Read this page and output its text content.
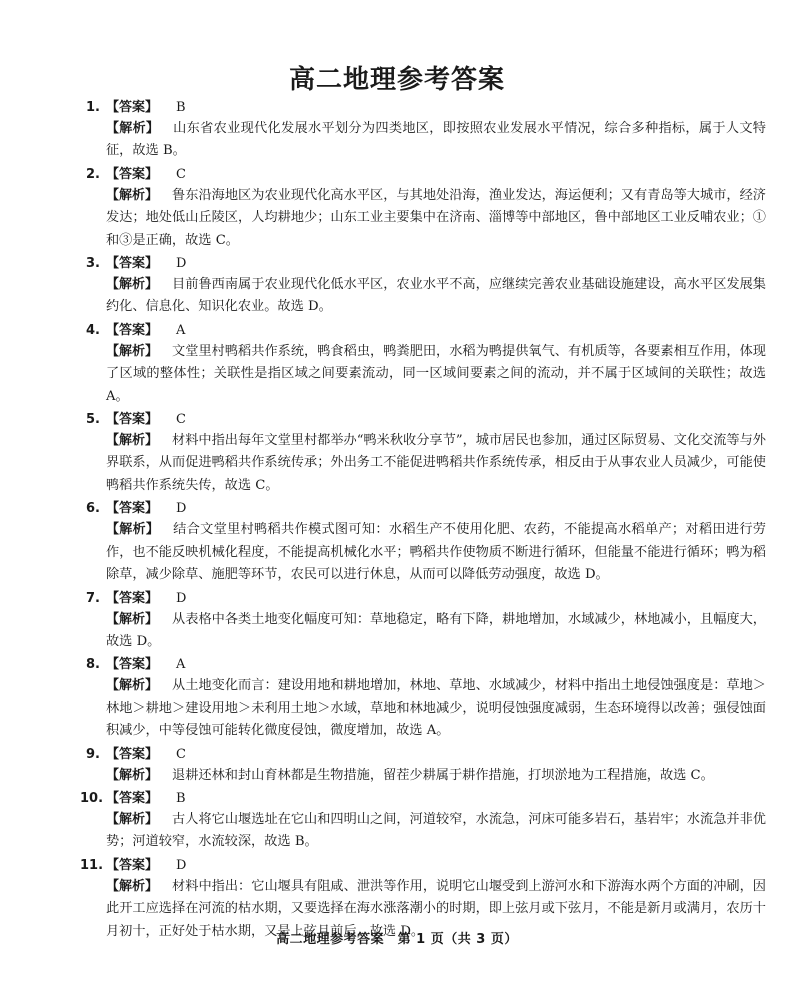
高二地理参考答案
1. 【答案】 B
【解析】 山东省农业现代化发展水平划分为四类地区，即按照农业发展水平情况，综合多种指标，属于人文特征，故选 B。
2. 【答案】 C
【解析】 鲁东沿海地区为农业现代化高水平区，与其地处沿海，渔业发达，海运便利；又有青岛等大城市，经济发达；地处低山丘陵区，人均耕地少；山东工业主要集中在济南、淄博等中部地区，鲁中部地区工业反哺农业；①和③是正确，故选 C。
3. 【答案】 D
【解析】 目前鲁西南属于农业现代化低水平区，农业水平不高，应继续完善农业基础设施建设，高水平区发展集约化、信息化、知识化农业。故选 D。
4. 【答案】 A
【解析】 文堂里村鸭稻共作系统，鸭食稻虫，鸭粪肥田，水稻为鸭提供氧气、有机质等，各要素相互作用，体现了区域的整体性；关联性是指区域之间要素流动，同一区域间要素之间的流动，并不属于区域间的关联性；故选 A。
5. 【答案】 C
【解析】 材料中指出每年文堂里村都举办“鸭米秋收分享节”，城市居民也参加，通过区际贸易、文化交流等与外界联系，从而促进鸭稻共作系统传承；外出务工不能促进鸭稻共作系统传承，相反由于从事农业人员减少，可能使鸭稻共作系统失传，故选 C。
6. 【答案】 D
【解析】 结合文堂里村鸭稻共作模式图可知：水稻生产不使用化肥、农药，不能提高水稻单产；对稻田进行劳作，也不能反映机械化程度，不能提高机械化水平；鸭稻共作使物质不断进行循环，但能量不能进行循环；鸭为稻除草，减少除草、施肥等环节，农民可以进行休息，从而可以降低劳动强度，故选 D。
7. 【答案】 D
【解析】 从表格中各类土地变化幅度可知：草地稳定，略有下降，耕地增加，水域减少，林地减小，且幅度大，故选 D。
8. 【答案】 A
【解析】 从土地变化而言：建设用地和耕地增加，林地、草地、水域减少，材料中指出土地侵蚀强度是：草地＞林地＞耕地＞建设用地＞未利用土地＞水域，草地和林地减少，说明侵蚀强度减弱，生态环境得以改善；强侵蚀面积减少，中等侵蚀可能转化微度侵蚀，微度增加，故选 A。
9. 【答案】 C
【解析】 退耕还林和封山育林都是生物措施，留茬少耕属于耕作措施，打坝淤地为工程措施，故选 C。
10. 【答案】 B
【解析】 古人将它山堰选址在它山和四明山之间，河道较窄，水流急，河床可能多岩石，基岩牢；水流急并非优势；河道较窄，水流较深，故选 B。
11. 【答案】 D
【解析】 材料中指出：它山堰具有阻咸、泄洪等作用，说明它山堰受到上游河水和下游海水两个方面的冲刷，因此开工应选择在河流的枯水期，又要选择在海水涨落潮小的时期，即上弦月或下弦月，不能是新月或满月，农历十月初十，正好处于枯水期，又是上弦月前后，故选 D。
高二地理参考答案　第 1 页（共 3 页）
